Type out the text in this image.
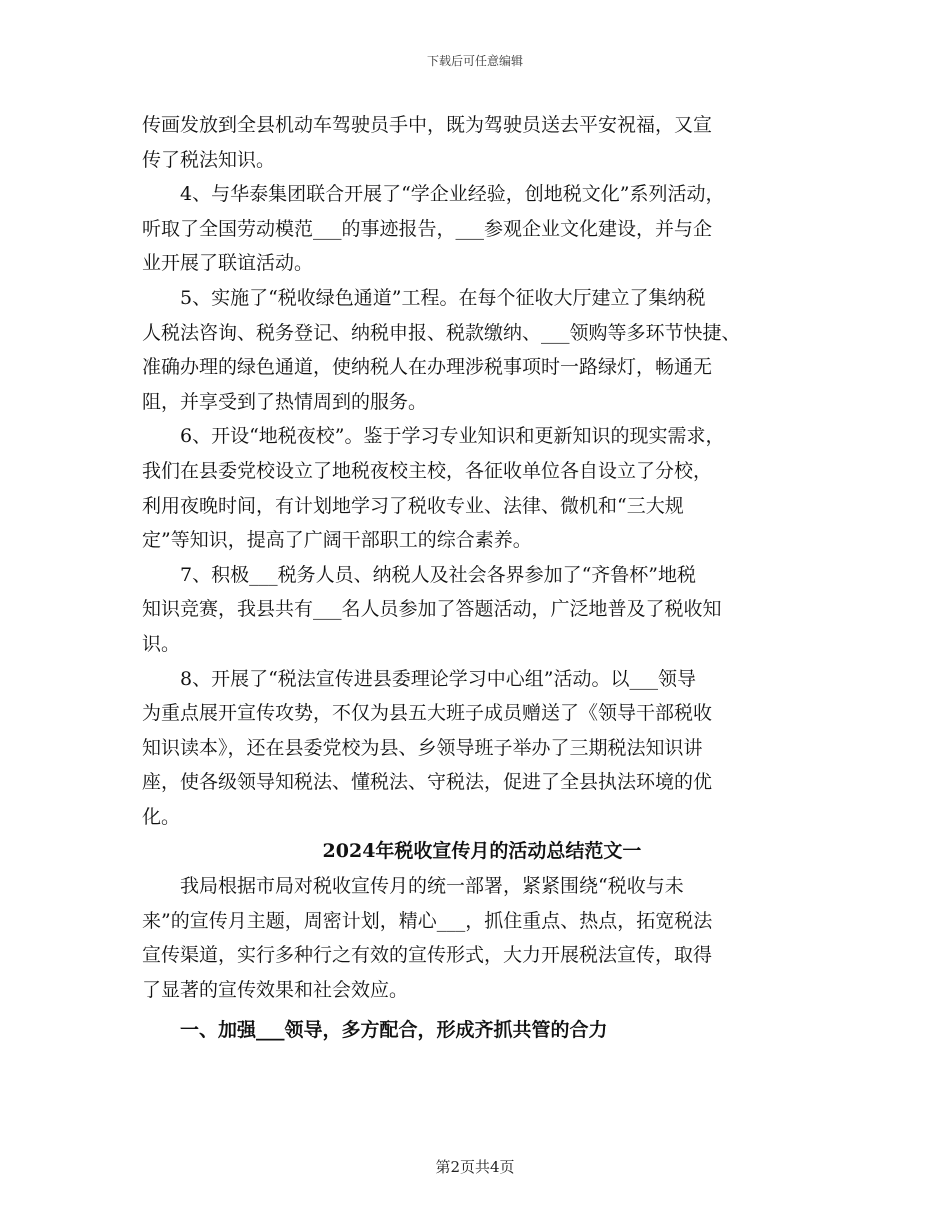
下载后可任意编辑
传画发放到全县机动车驾驶员手中，既为驾驶员送去平安祝福，又宣
传了税法知识。
4、与华泰集团联合开展了“学企业经验，创地税文化”系列活动，
听取了全国劳动模范___的事迹报告，___参观企业文化建设，并与企
业开展了联谊活动。
5、实施了“税收绿色通道”工程。在每个征收大厅建立了集纳税
人税法咨询、税务登记、纳税申报、税款缴纳、___领购等多环节快捷、
准确办理的绿色通道，使纳税人在办理涉税事项时一路绿灯，畅通无
阻，并享受到了热情周到的服务。
6、开设“地税夜校”。鉴于学习专业知识和更新知识的现实需求，
我们在县委党校设立了地税夜校主校，各征收单位各自设立了分校，
利用夜晚时间，有计划地学习了税收专业、法律、微机和“三大规
定”等知识，提高了广阔干部职工的综合素养。
7、积极___税务人员、纳税人及社会各界参加了“齐鲁杯”地税
知识竞赛，我县共有___名人员参加了答题活动，广泛地普及了税收知
识。
8、开展了“税法宣传进县委理论学习中心组”活动。以___领导
为重点展开宣传攻势，不仅为县五大班子成员赠送了《领导干部税收
知识读本》，还在县委党校为县、乡领导班子举办了三期税法知识讲
座，使各级领导知税法、懂税法、守税法，促进了全县执法环境的优
化。
2024年税收宣传月的活动总结范文一
我局根据市局对税收宣传月的统一部署，紧紧围绕“税收与未
来”的宣传月主题，周密计划，精心___，抓住重点、热点，拓宽税法
宣传渠道，实行多种行之有效的宣传形式，大力开展税法宣传，取得
了显著的宣传效果和社会效应。
一、加强___领导，多方配合，形成齐抓共管的合力
第2页共4页
